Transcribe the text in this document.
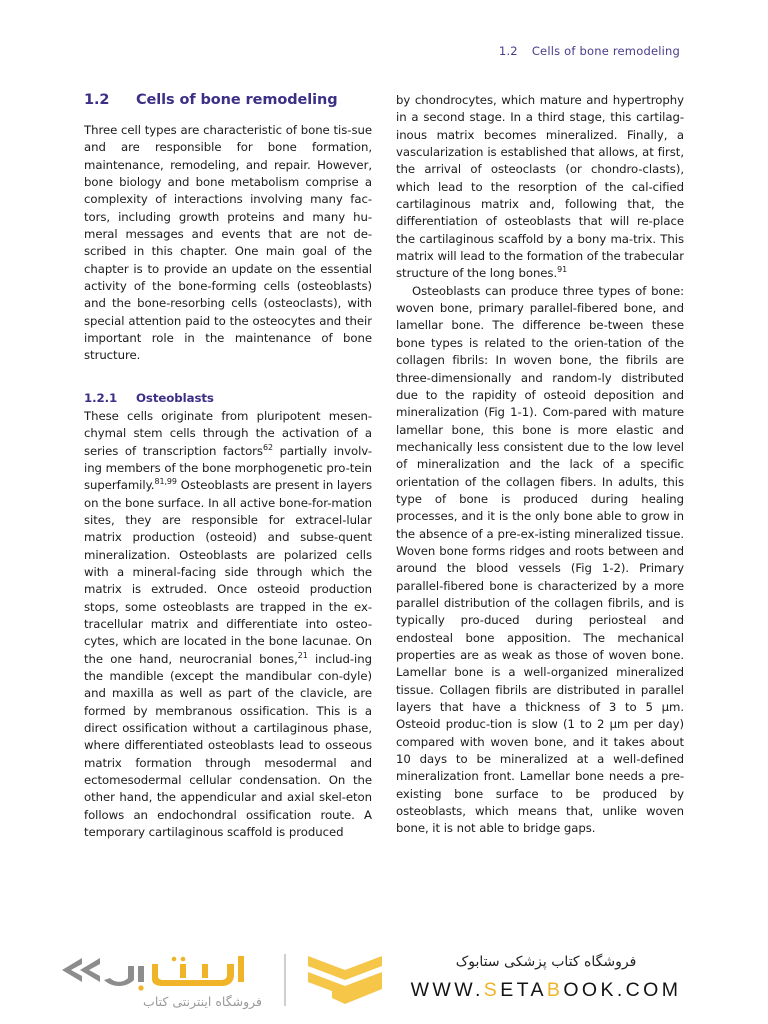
1.2 Cells of bone remodeling
1.2	Cells of bone remodeling

Three cell types are characteristic of bone tis-sue and are responsible for bone formation, maintenance, remodeling, and repair. However, bone biology and bone metabolism comprise a complexity of interactions involving many fac-tors, including growth proteins and many hu-meral messages and events that are not de-scribed in this chapter. One main goal of the chapter is to provide an update on the essential activity of the bone-forming cells (osteoblasts) and the bone-resorbing cells (osteoclasts), with special attention paid to the osteocytes and their important role in the maintenance of bone structure.

1.2.1	Osteoblasts

These cells originate from pluripotent mesen-chymal stem cells through the activation of a series of transcription factors$^{62}$ partially involv-ing members of the bone morphogenetic pro-tein superfamily.$^{81,99}$ Osteoblasts are present in layers on the bone surface. In all active bone-for-mation sites, they are responsible for extracel-lular matrix production (osteoid) and subse-quent mineralization. Osteoblasts are polarized cells with a mineral-facing side through which the matrix is extruded. Once osteoid production stops, some osteoblasts are trapped in the ex-tracellular matrix and differentiate into osteo-cytes, which are located in the bone lacunae. On the one hand, neurocranial bones,$^{21}$ includ-ing the mandible (except the mandibular con-dyle) and maxilla as well as part of the clavicle, are formed by membranous ossification. This is a direct ossification without a cartilaginous phase, where differentiated osteoblasts lead to osseous matrix formation through mesodermal and ectomesodermal cellular condensation. On the other hand, the appendicular and axial skel-eton follows an endochondral ossification route. A temporary cartilaginous scaffold is produced

by chondrocytes, which mature and hypertrophy in a second stage. In a third stage, this cartilag-inous matrix becomes mineralized. Finally, a vascularization is established that allows, at first, the arrival of osteoclasts (or chondro-clasts), which lead to the resorption of the cal-cified cartilaginous matrix and, following that, the differentiation of osteoblasts that will re-place the cartilaginous scaffold by a bony ma-trix. This matrix will lead to the formation of the trabecular structure of the long bones.$^{91}$

Osteoblasts can produce three types of bone: woven bone, primary parallel-fibered bone, and lamellar bone. The difference be-tween these bone types is related to the orien-tation of the collagen fibrils: In woven bone, the fibrils are three-dimensionally and random-ly distributed due to the rapidity of osteoid deposition and mineralization (Fig 1-1). Com-pared with mature lamellar bone, this bone is more elastic and mechanically less consistent due to the low level of mineralization and the lack of a specific orientation of the collagen fibers. In adults, this type of bone is produced during healing processes, and it is the only bone able to grow in the absence of a pre-ex-isting mineralized tissue. Woven bone forms ridges and roots between and around the blood vessels (Fig 1-2). Primary parallel-fibered bone is characterized by a more parallel distribution of the collagen fibrils, and is typically pro-duced during periosteal and endosteal bone apposition. The mechanical properties are as weak as those of woven bone. Lamellar bone is a well-organized mineralized tissue. Collagen fibrils are distributed in parallel layers that have a thickness of 3 to 5 μm. Osteoid produc-tion is slow (1 to 2 μm per day) compared with woven bone, and it takes about 10 days to be mineralized at a well-defined mineralization front. Lamellar bone needs a pre-existing bone surface to be produced by osteoblasts, which means that, unlike woven bone, it is not able to bridge gaps.

فروشگاه اینترنتی کتاب
فروشگاه کتاب پزشکی ستابوک
WWW.SETABOOK.COM
